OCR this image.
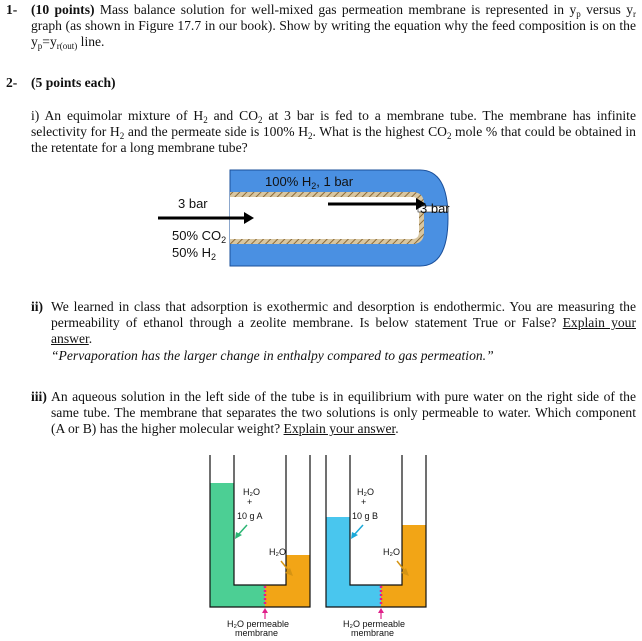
1- (10 points) Mass balance solution for well-mixed gas permeation membrane is represented in $y_p$ versus $y_r$ graph (as shown in Figure 17.7 in our book). Show by writing the equation why the feed composition is on the $y_p=y_{r(out)}$ line.
2- (5 points each)
i) An equimolar mixture of $H_2$ and $CO_2$ at 3 bar is fed to a membrane tube. The membrane has infinite selectivity for $H_2$ and the permeate side is 100% $H_2$. What is the highest $CO_2$ mole % that could be obtained in the retentate for a long membrane tube?
100% $H_2$, 1 bar
3 bar	3 bar
50% $CO_2$
50% $H_2$
ii) We learned in class that adsorption is exothermic and desorption is endothermic. You are measuring the permeability of ethanol through a zeolite membrane. Is below statement True or False? Explain your answer.
“Pervaporation has the larger change in enthalpy compared to gas permeation.”
iii) An aqueous solution in the left side of the tube is in equilibrium with pure water on the right side of the same tube. The membrane that separates the two solutions is only permeable to water. Which component (A or B) has the higher molecular weight? Explain your answer.
H₂O
+
10 g A
H₂O
H₂O permeable
membrane
H₂O
+
10 g B
H₂O
H₂O permeable
membrane
